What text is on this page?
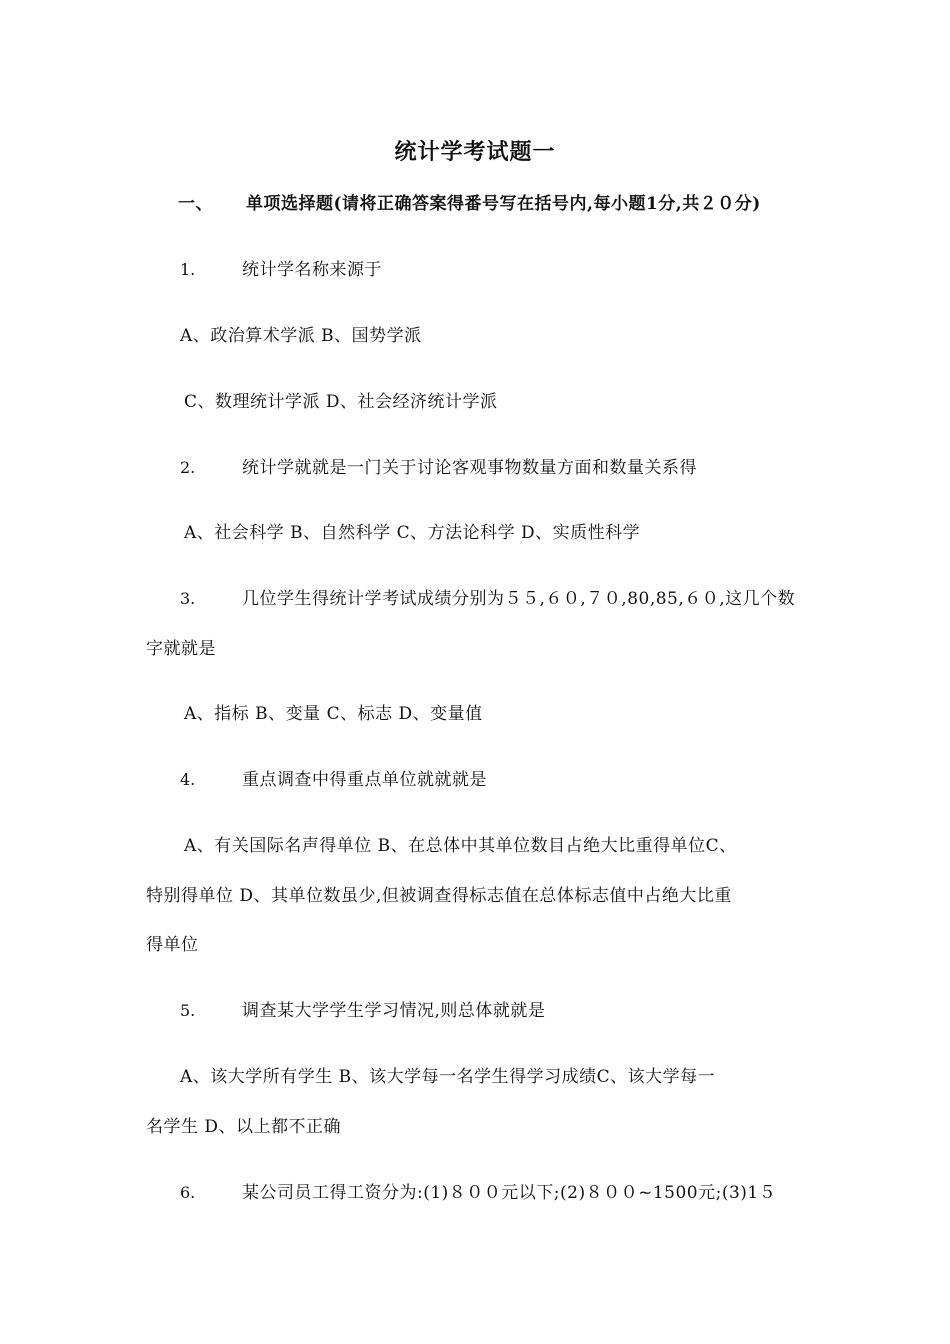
统计学考试题一
一、 单项选择题(请将正确答案得番号写在括号内,每小题1分,共２０分)
1.	统计学名称来源于
A、政治算术学派 B、国势学派
C、数理统计学派 D、社会经济统计学派
2.	统计学就就是一门关于讨论客观事物数量方面和数量关系得
A、社会科学 B、自然科学 C、方法论科学 D、实质性科学
3.	几位学生得统计学考试成绩分别为５５,６０,７０,80,85,６０,这几个数
字就就是
A、指标 B、变量 C、标志 D、变量值
4.	重点调查中得重点单位就就就是
A、有关国际名声得单位 B、在总体中其单位数目占绝大比重得单位C、
特别得单位 D、其单位数虽少,但被调查得标志值在总体标志值中占绝大比重
得单位
5.	调查某大学学生学习情况,则总体就就是
A、该大学所有学生 B、该大学每一名学生得学习成绩C、该大学每一
名学生 D、以上都不正确
6.	某公司员工得工资分为:(1)８００元以下;(2)８００~1500元;(3)1５
